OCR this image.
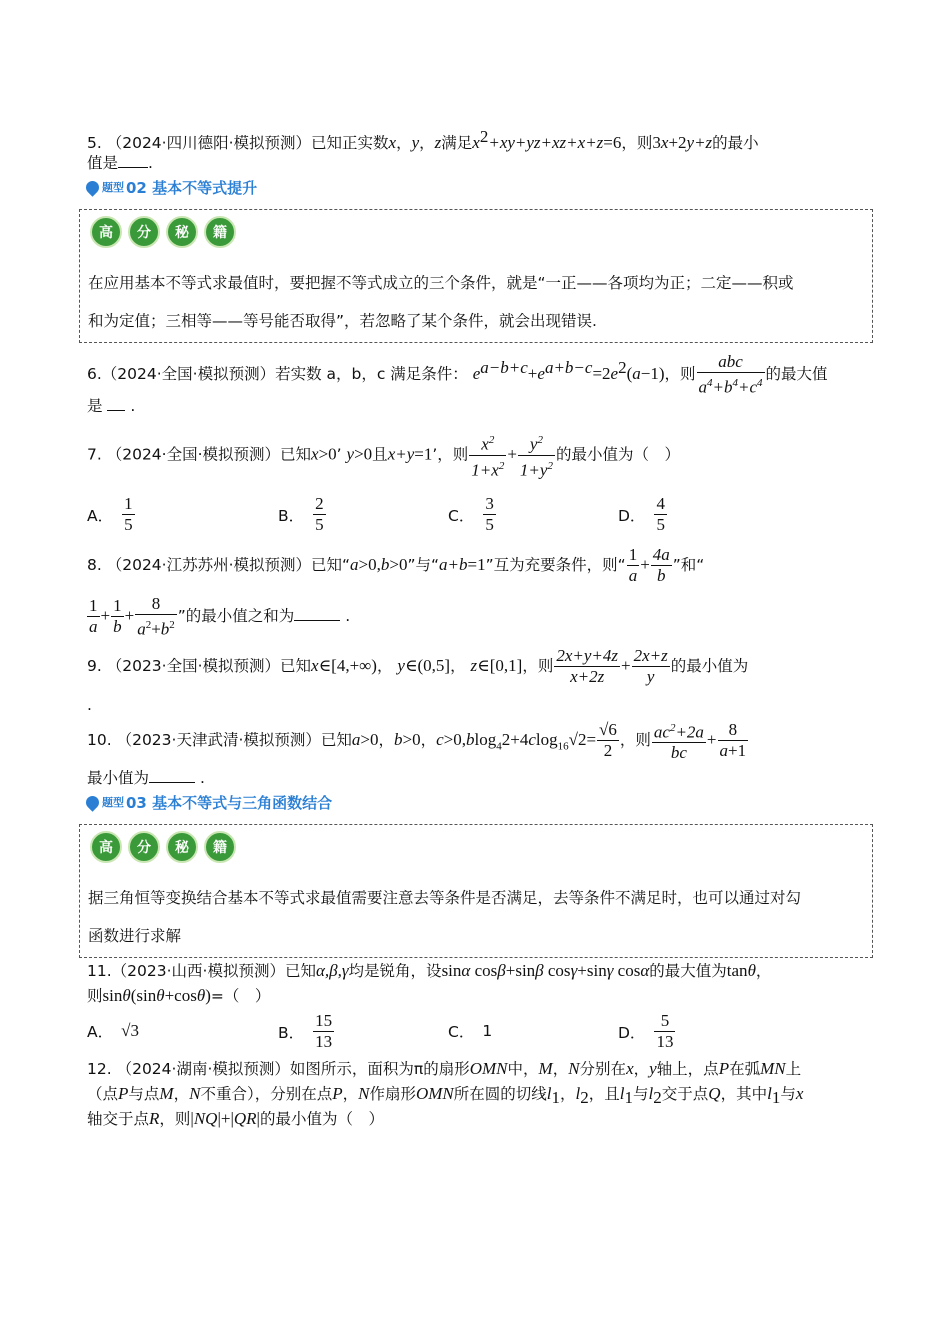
5. （2024·四川德阳·模拟预测）已知正实数x，y，z满足$x^2+xy+yz+xz+x+z=6$，则3x+2y+z的最小
值是 .
题型 02 基本不等式提升
高	分	秘	籍
在应用基本不等式求最值时，要把握不等式成立的三个条件，就是“一正——各项均为正；二定——积或
和为定值；三相等——等号能否取得”，若忽略了某个条件，就会出现错误.
6.（2024·全国·模拟预测）若实数 a，b，c 满足条件： $e^{a-b+c}+e^{a+b-c}=2e^2(a-1)$，则 $\frac{\text{abc}}{a^4+b^4+c^4}$ 的最大值
是 .
7. （2024·全国·模拟预测）已知x>0’ y>0且x+y=1’，则 $\frac{x^2}{1+x^2} + \frac{y^2}{1+y^2}$ 的最小值为（　）
A． $\frac{1}{5}$	B． $\frac{2}{5}$	C． $\frac{3}{5}$	D． $\frac{4}{5}$
8. （2024·江苏苏州·模拟预测）已知“a>0,b>0”与“a+b=1”互为充要条件，则“ $\frac{1}{a} + \frac{4a}{b}$ ”和“
$\frac{1}{a} + \frac{1}{b} + \frac{8}{a^2+b^2}$ ”的最小值之和为	.
9. （2023·全国·模拟预测）已知x∈[4,+∞)， y∈(0,5]， z∈[0,1]，则 $\frac{2x+y+4z}{x+2z} + \frac{2x+z}{y}$ 的最小值为
.
10. （2023·天津武清·模拟预测）已知a>0，b>0，$c>0,blog_42+4clog_{16}√2= \frac{√6}{2}$ ，则 $\frac{ac^2+2a}{bc} + \frac{8}{a+1}$
最小值为	.
题型 03 基本不等式与三角函数结合
高	分	秘	籍
据三角恒等变换结合基本不等式求最值需要注意去等条件是否满足，去等条件不满足时，也可以通过对勾
函数进行求解
11.（2023·山西·模拟预测）已知α,β,γ均是锐角，设sinα cosβ+sinβ cosγ+sinγ cosα的最大值为tanθ，
则sinθ(sinθ+cosθ)=（　）
A． √3	B． $\frac{15}{13}$	C． 1	D． $\frac{5}{13}$
12. （2024·湖南·模拟预测）如图所示，面积为π的扇形OMN中，M，N分别在x，y轴上，点P在弧MN上
（点P与点M，N不重合），分别在点P，N作扇形OMN所在圆的切线$l_1$，$l_2$，且$l_1$与$l_2$交于点Q，其中$l_1$与x
轴交于点R，则|NQ|+|QR|的最小值为（　）
